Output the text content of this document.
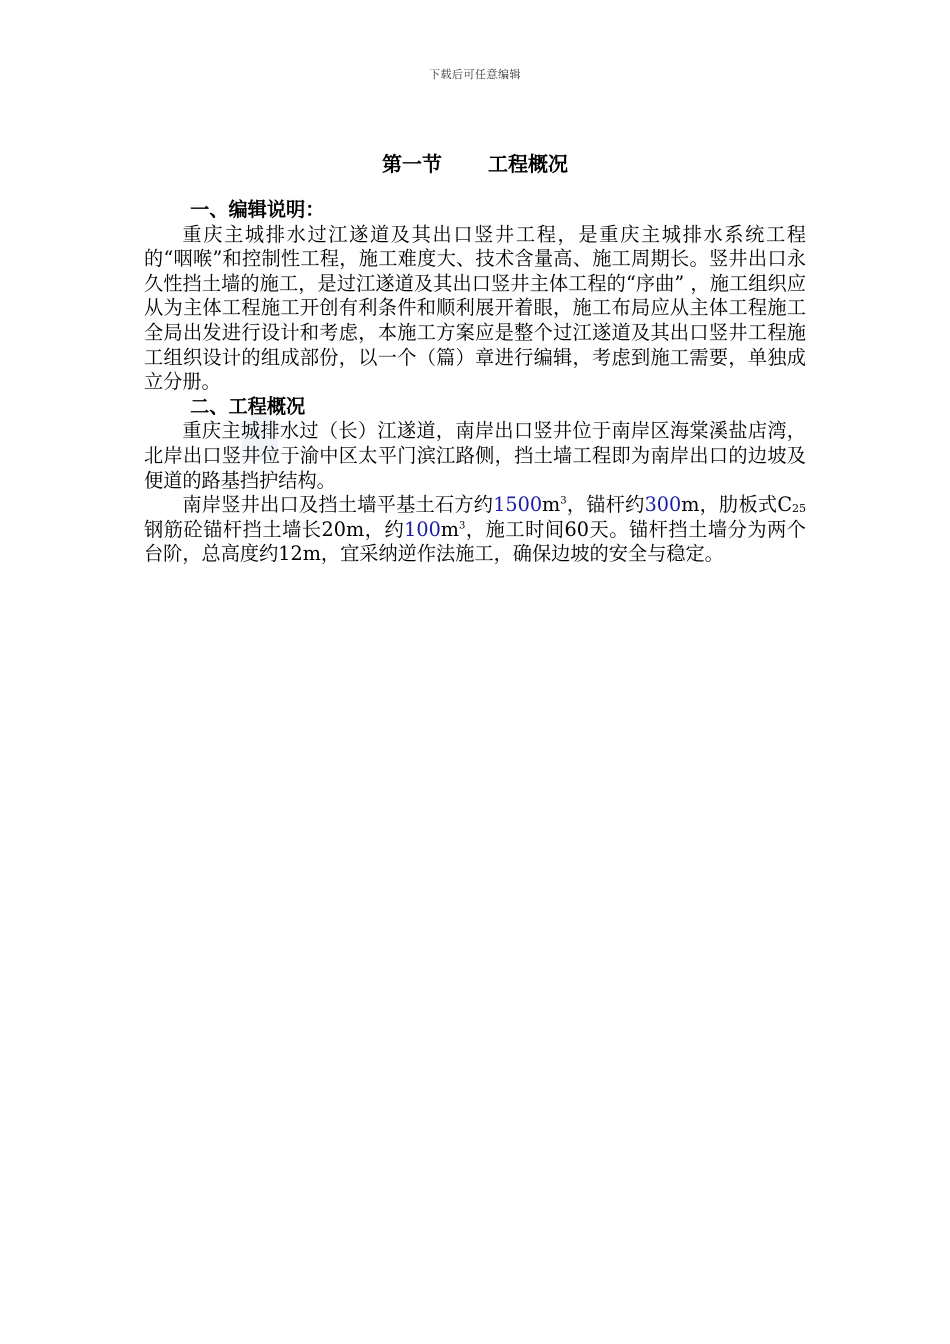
下载后可任意编辑
第一节 工程概况

一、编辑说明：

重庆主城排水过江遂道及其出口竖井工程，是重庆主城排水系统工程的“咽喉”和控制性工程，施工难度大、技术含量高、施工周期长。竖井出口永久性挡土墙的施工，是过江遂道及其出口竖井主体工程的“序曲” ，施工组织应从为主体工程施工开创有利条件和顺利展开着眼，施工布局应从主体工程施工全局出发进行设计和考虑，本施工方案应是整个过江遂道及其出口竖井工程施工组织设计的组成部份，以一个（篇）章进行编辑，考虑到施工需要，单独成立分册。

二、工程概况

重庆主城排水过（长）江遂道，南岸出口竖井位于南岸区海棠溪盐店湾，北岸出口竖井位于渝中区太平门滨江路侧，挡土墙工程即为南岸出口的边坡及便道的路基挡护结构。

南岸竖井出口及挡土墙平基土石方约$1500m^3$，锚杆约300m，肋板式$C_{25}$钢筋砼锚杆挡土墙长20m，约$100m^3$，施工时间60天。锚杆挡土墙分为两个台阶，总高度约12m，宜采纳逆作法施工，确保边坡的安全与稳定。
